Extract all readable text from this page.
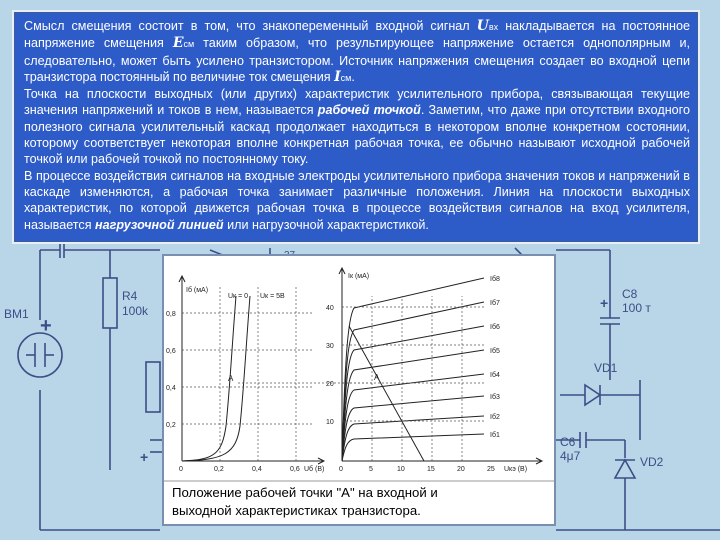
BM1
R4
100k
C8
100 т
VD1
C6
4μ7	VD2
+
+
+

Смысл смещения состоит в том, что знакопеременный входной сигнал Uвх накладывается на постоянное напряжение смещения Eсм таким образом, что результирующее напряжение остается однополярным и, следовательно, может быть усилено транзистором. Источник напряжения смещения создает во входной цепи транзистора постоянный по величине ток смещения Iсм.

Точка на плоскости выходных (или других) характеристик усилительного прибора, связывающая текущие значения напряжений и токов в нем, называется рабочей точкой. Заметим, что даже при отсутствии входного полезного сигнала усилительный каскад продолжает находиться в некотором вполне конкретном состоянии, которому соответствует некоторая вполне конкретная рабочая точка, ее обычно называют исходной рабочей точкой или рабочей точкой по постоянному току.

В процессе воздействия сигналов на входные электроды усилительного прибора значения токов и напряжений в каскаде изменяются, а рабочая точка занимает различные положения. Линия на плоскости выходных характеристик, по которой движется рабочая точка в процессе воздействия сигналов на вход усилителя, называется нагрузочной линией или нагрузочной характеристикой.

Iб (мА)
Uк = 0 Uк = 5В
0,8
0,6
0,4
0,2
0	0,2	0,4	0,6 Uб (В)
A
Iк (мА)
40
30
20
10
0	5	10	15	20	25 Uкэ (В)
A
Iб8
Iб7
Iб6
Iб5
Iб4
Iб3
Iб2
Iб1
Положение рабочей точки "А" на входной и
выходной характеристиках транзистора.
